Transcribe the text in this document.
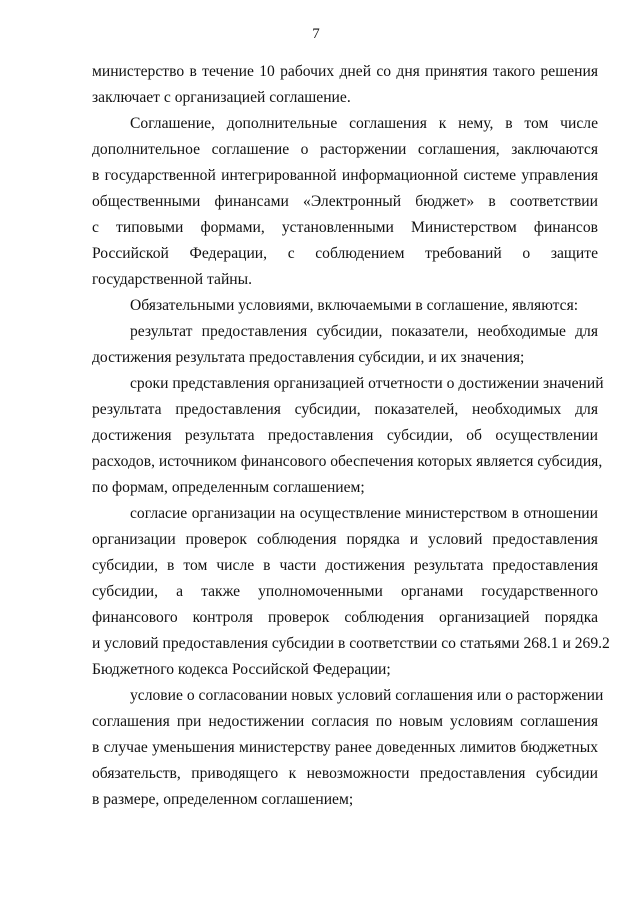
7
министерство в течение 10 рабочих дней со дня принятия такого решения
заключает с организацией соглашение.
Соглашение, дополнительные соглашения к нему, в том числе
дополнительное соглашение о расторжении соглашения, заключаются
в государственной интегрированной информационной системе управления
общественными финансами «Электронный бюджет» в соответствии
с типовыми формами, установленными Министерством финансов
Российской Федерации, с соблюдением требований о защите
государственной тайны.
Обязательными условиями, включаемыми в соглашение, являются:
результат предоставления субсидии, показатели, необходимые для
достижения результата предоставления субсидии, и их значения;
сроки представления организацией отчетности о достижении значений
результата предоставления субсидии, показателей, необходимых для
достижения результата предоставления субсидии, об осуществлении
расходов, источником финансового обеспечения которых является субсидия,
по формам, определенным соглашением;
согласие организации на осуществление министерством в отношении
организации проверок соблюдения порядка и условий предоставления
субсидии, в том числе в части достижения результата предоставления
субсидии, а также уполномоченными органами государственного
финансового контроля проверок соблюдения организацией порядка
и условий предоставления субсидии в соответствии со статьями 268.1 и 269.2
Бюджетного кодекса Российской Федерации;
условие о согласовании новых условий соглашения или о расторжении
соглашения при недостижении согласия по новым условиям соглашения
в случае уменьшения министерству ранее доведенных лимитов бюджетных
обязательств, приводящего к невозможности предоставления субсидии
в размере, определенном соглашением;
